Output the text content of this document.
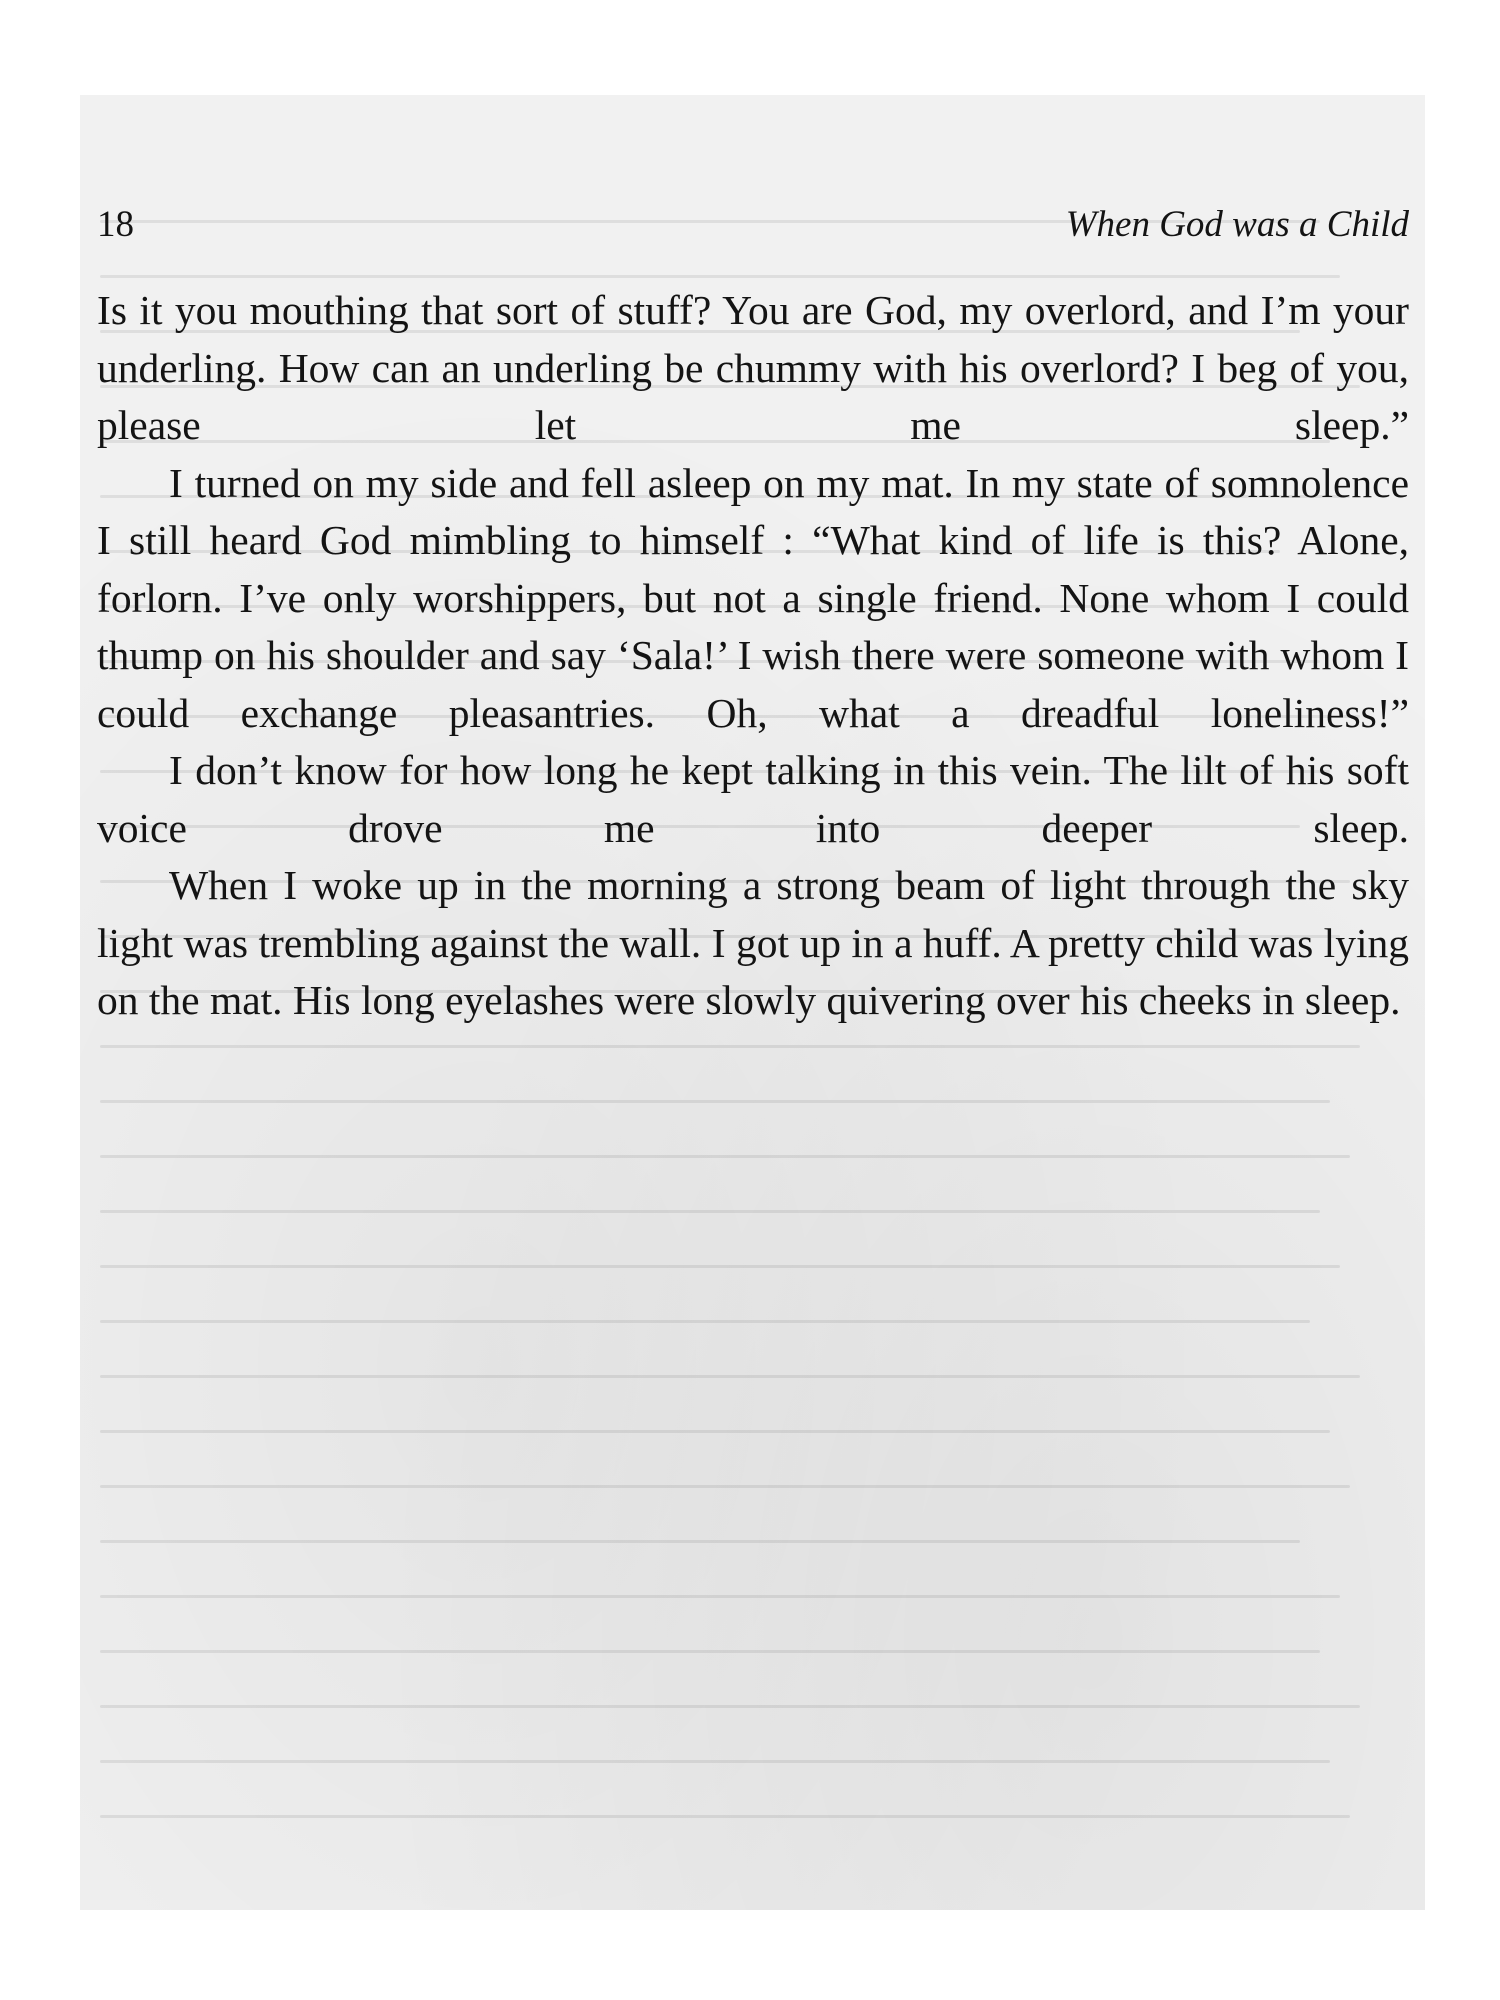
18	When God was a Child

Is it you mouthing that sort of stuff? You are God, my overlord, and I’m your underling. How can an underling be chummy with his overlord? I beg of you, please let me sleep.”

I turned on my side and fell asleep on my mat. In my state of somnolence I still heard God mimbling to himself : “What kind of life is this? Alone, forlorn. I’ve only worshippers, but not a single friend. None whom I could thump on his shoulder and say ‘Sala!’ I wish there were someone with whom I could exchange pleasantries. Oh, what a dreadful loneliness!”

I don’t know for how long he kept talking in this vein. The lilt of his soft voice drove me into deeper sleep.

When I woke up in the morning a strong beam of light through the sky light was trembling against the wall. I got up in a huff. A pretty child was lying on the mat. His long eyelashes were slowly quivering over his cheeks in sleep.
